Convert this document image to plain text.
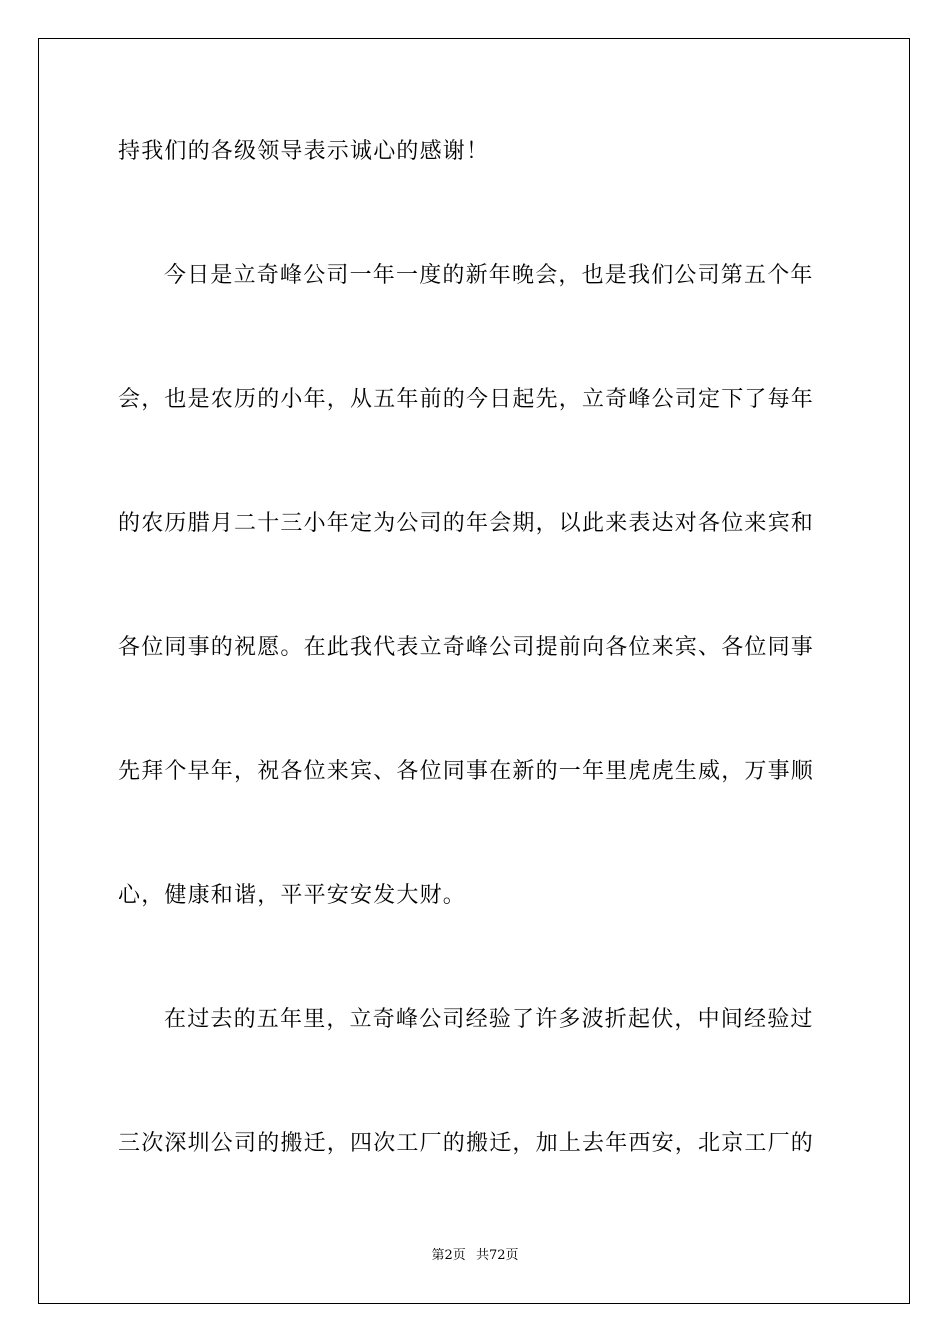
持我们的各级领导表示诚心的感谢！
今日是立奇峰公司一年一度的新年晚会，也是我们公司第五个年
会，也是农历的小年，从五年前的今日起先，立奇峰公司定下了每年
的农历腊月二十三小年定为公司的年会期，以此来表达对各位来宾和
各位同事的祝愿。在此我代表立奇峰公司提前向各位来宾、各位同事
先拜个早年，祝各位来宾、各位同事在新的一年里虎虎生威，万事顺
心，健康和谐，平平安安发大财。
在过去的五年里，立奇峰公司经验了许多波折起伏，中间经验过
三次深圳公司的搬迁，四次工厂的搬迁，加上去年西安，北京工厂的
第2页 共72页
